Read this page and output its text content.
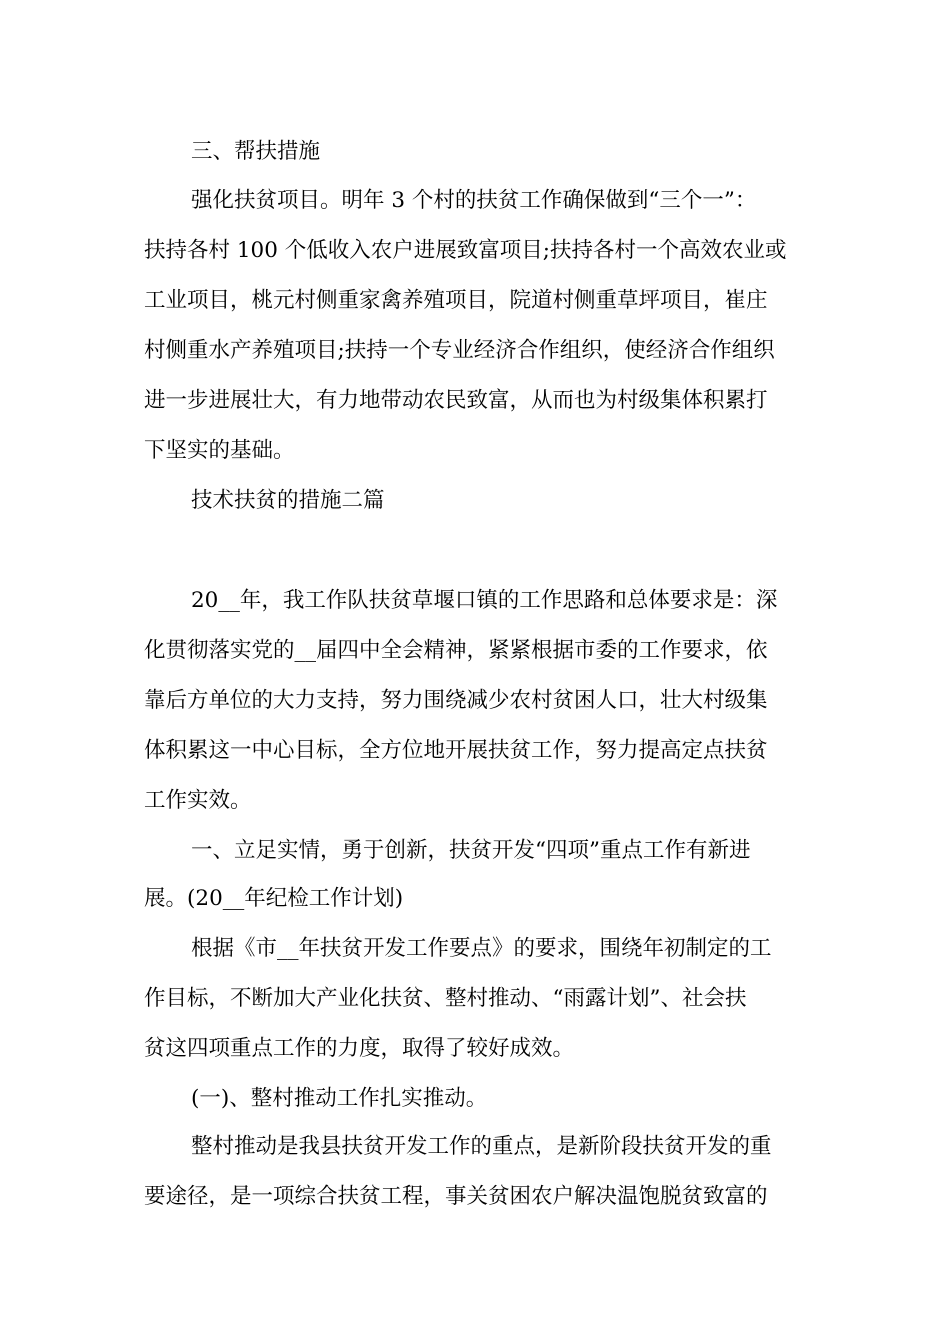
三、帮扶措施
强化扶贫项目。明年 3 个村的扶贫工作确保做到“三个一”：
扶持各村 100 个低收入农户进展致富项目;扶持各村一个高效农业或
工业项目，桃元村侧重家禽养殖项目，院道村侧重草坪项目，崔庄
村侧重水产养殖项目;扶持一个专业经济合作组织，使经济合作组织
进一步进展壮大，有力地带动农民致富，从而也为村级集体积累打
下坚实的基础。
技术扶贫的措施二篇
20__年，我工作队扶贫草堰口镇的工作思路和总体要求是：深
化贯彻落实党的__届四中全会精神，紧紧根据市委的工作要求，依
靠后方单位的大力支持，努力围绕减少农村贫困人口，壮大村级集
体积累这一中心目标，全方位地开展扶贫工作，努力提高定点扶贫
工作实效。
一、立足实情，勇于创新，扶贫开发“四项”重点工作有新进
展。(20__年纪检工作计划)
根据《市__年扶贫开发工作要点》的要求，围绕年初制定的工
作目标，不断加大产业化扶贫、整村推动、“雨露计划”、社会扶
贫这四项重点工作的力度，取得了较好成效。
(一)、整村推动工作扎实推动。
整村推动是我县扶贫开发工作的重点，是新阶段扶贫开发的重
要途径，是一项综合扶贫工程，事关贫困农户解决温饱脱贫致富的
